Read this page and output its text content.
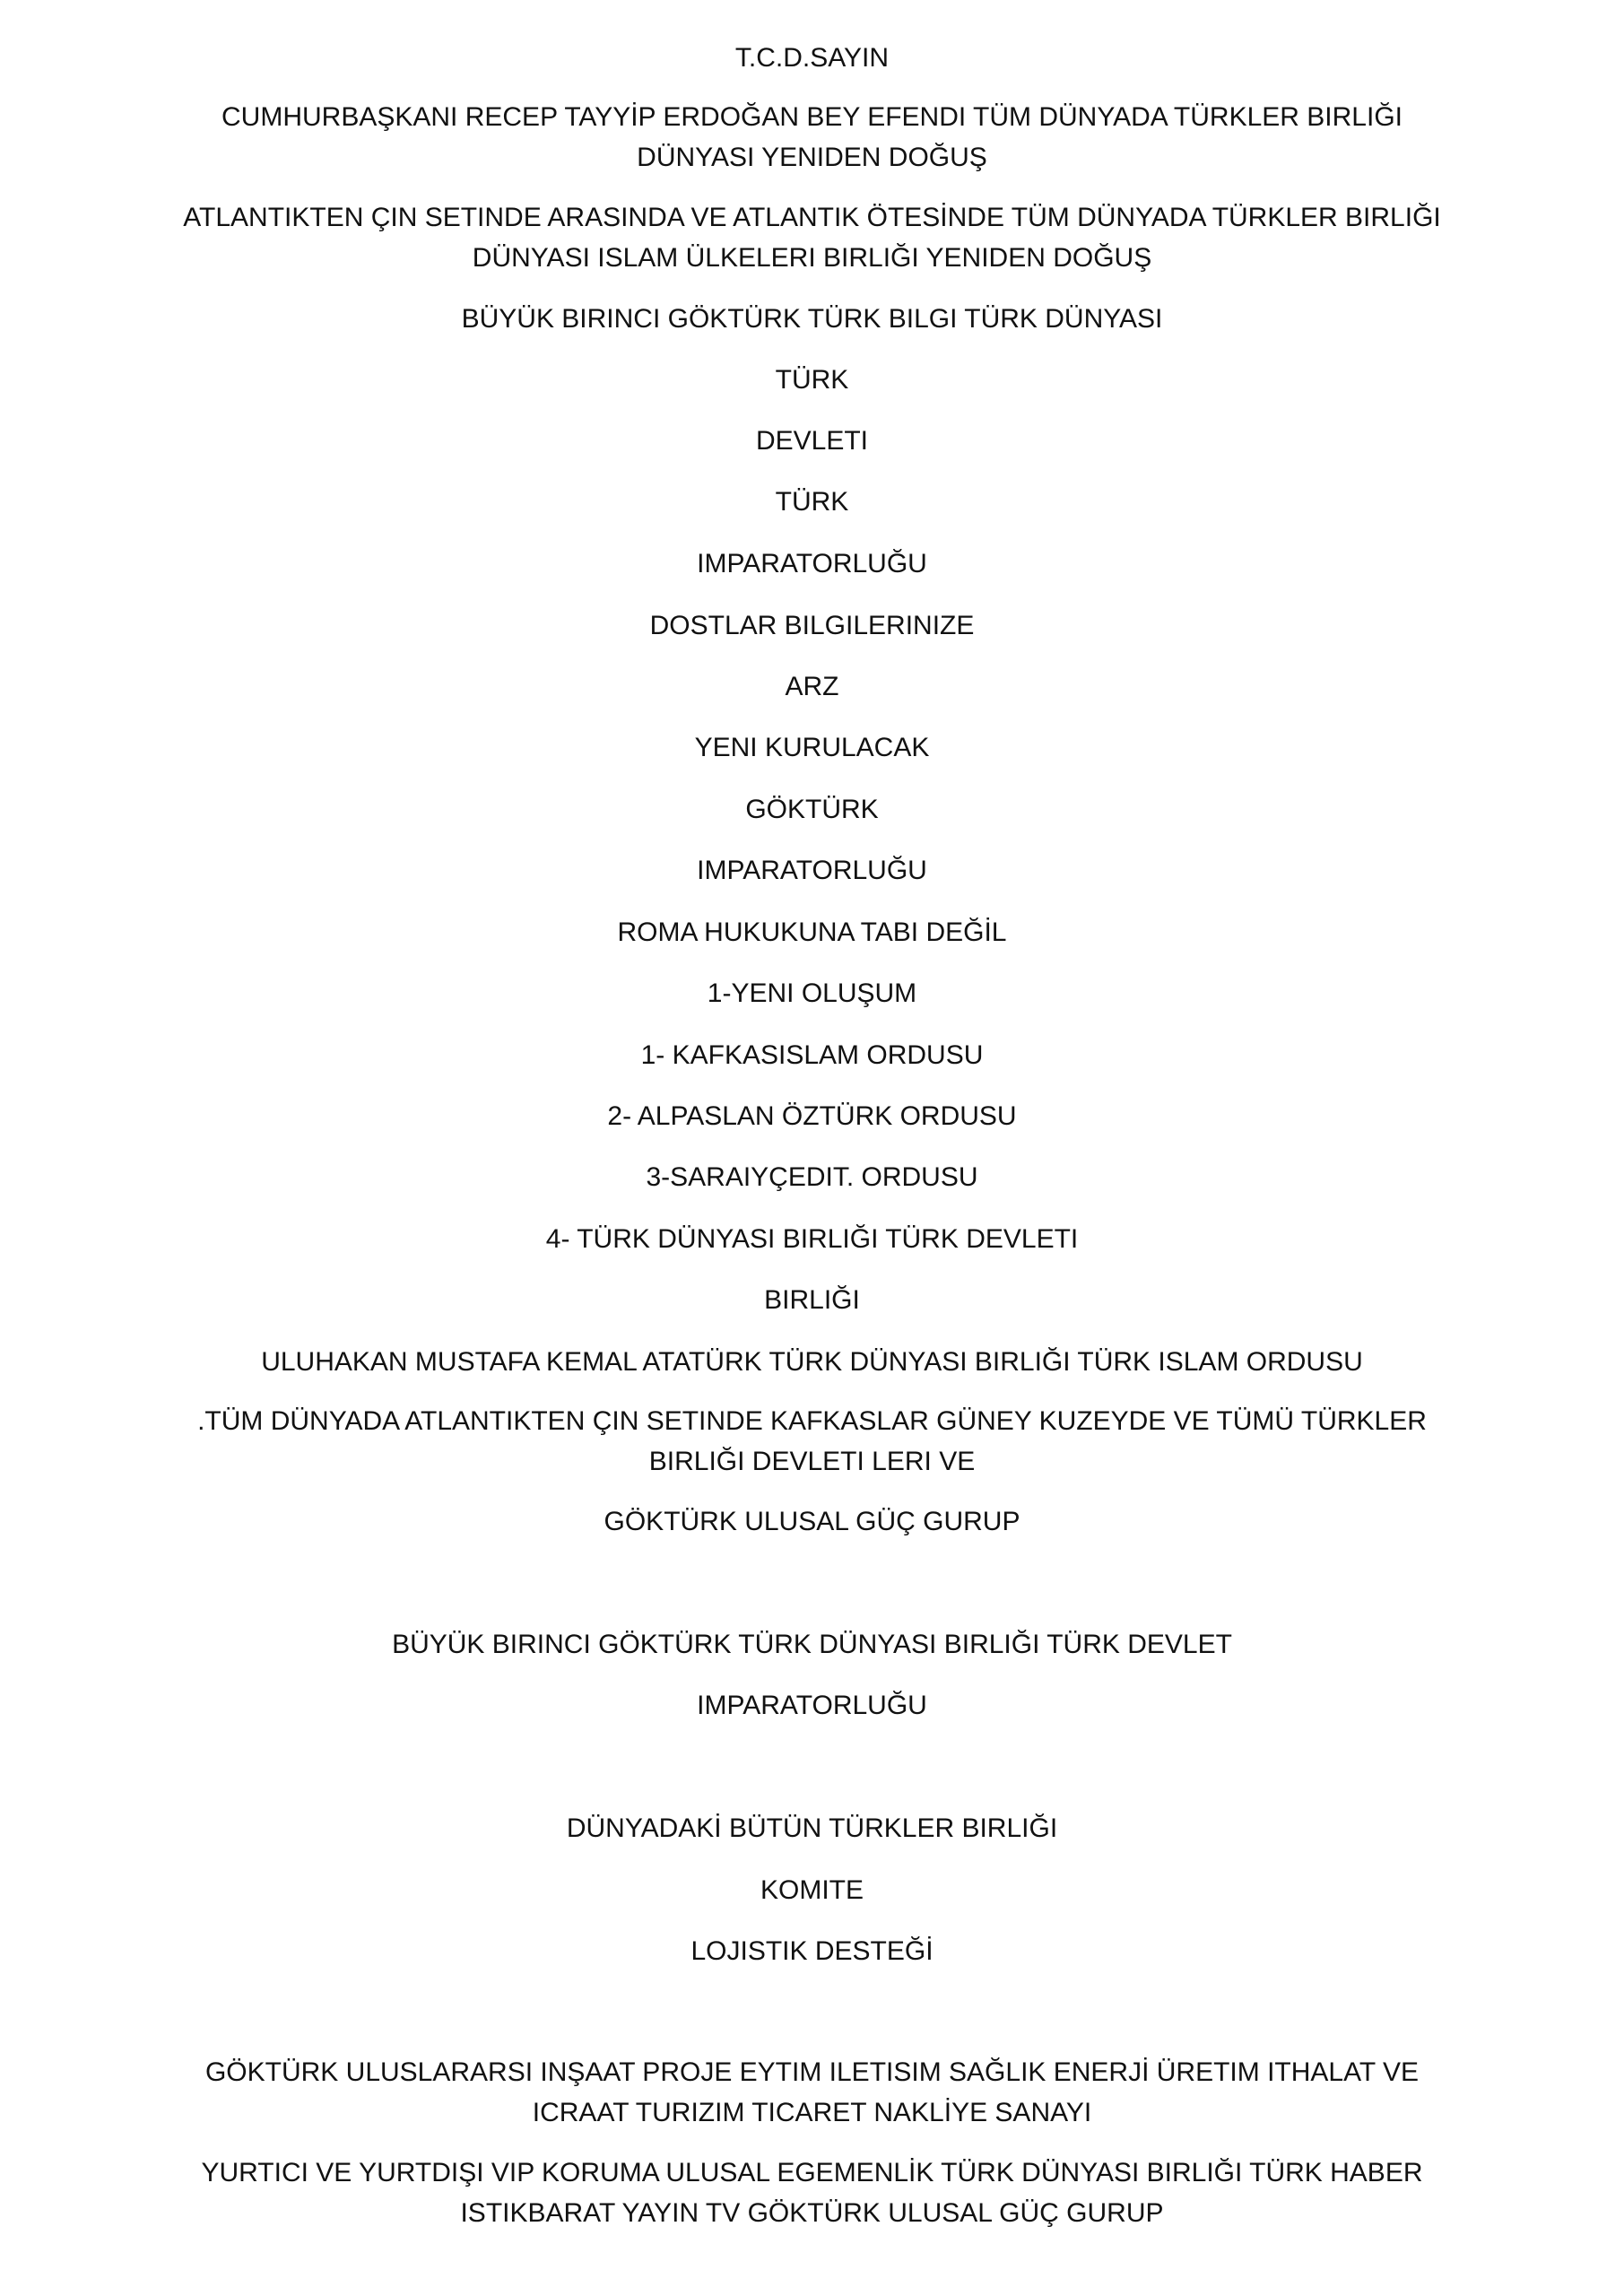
T.C.D.SAYIN
CUMHURBAŞKANI RECEP TAYYİP ERDOĞAN BEY EFENDI TÜM DÜNYADA TÜRKLER BIRLIĞI DÜNYASI YENIDEN DOĞUŞ
ATLANTIKTEN ÇIN SETINDE ARASINDA VE ATLANTIK ÖTESİNDE TÜM DÜNYADA TÜRKLER BIRLIĞI DÜNYASI ISLAM ÜLKELERI BIRLIĞI YENIDEN DOĞUŞ
BÜYÜK BIRINCI GÖKTÜRK TÜRK BILGI TÜRK DÜNYASI
TÜRK
DEVLETI
TÜRK
IMPARATORLUĞU
DOSTLAR BILGILERINIZE
ARZ
YENI KURULACAK
GÖKTÜRK
IMPARATORLUĞU
ROMA HUKUKUNA TABI DEĞİL
1-YENI OLUŞUM
1- KAFKASISLAM ORDUSU
2- ALPASLAN ÖZTÜRK ORDUSU
3-SARAIYÇEDIT. ORDUSU
4- TÜRK DÜNYASI BIRLIĞI TÜRK DEVLETI
BIRLIĞI
ULUHAKAN MUSTAFA KEMAL ATATÜRK TÜRK DÜNYASI BIRLIĞI TÜRK ISLAM ORDUSU
.TÜM DÜNYADA ATLANTIKTEN ÇIN SETINDE KAFKASLAR GÜNEY KUZEYDE VE TÜMÜ TÜRKLER BIRLIĞI DEVLETI LERI VE
GÖKTÜRK ULUSAL GÜÇ GURUP
BÜYÜK BIRINCI GÖKTÜRK TÜRK DÜNYASI BIRLIĞI TÜRK DEVLET
IMPARATORLUĞU
DÜNYADAKİ BÜTÜN TÜRKLER BIRLIĞI
KOMITE
LOJISTIK DESTEĞİ
GÖKTÜRK ULUSLARARSI INŞAAT PROJE EYTIM ILETISIM SAĞLIK ENERJİ ÜRETIM ITHALAT VE ICRAAT TURIZIM TICARET NAKLİYE SANAYI
YURTICI VE YURTDIŞI VIP KORUMA ULUSAL EGEMENLİK TÜRK DÜNYASI BIRLIĞI TÜRK HABER ISTIKBARAT YAYIN TV GÖKTÜRK ULUSAL GÜÇ GURUP
